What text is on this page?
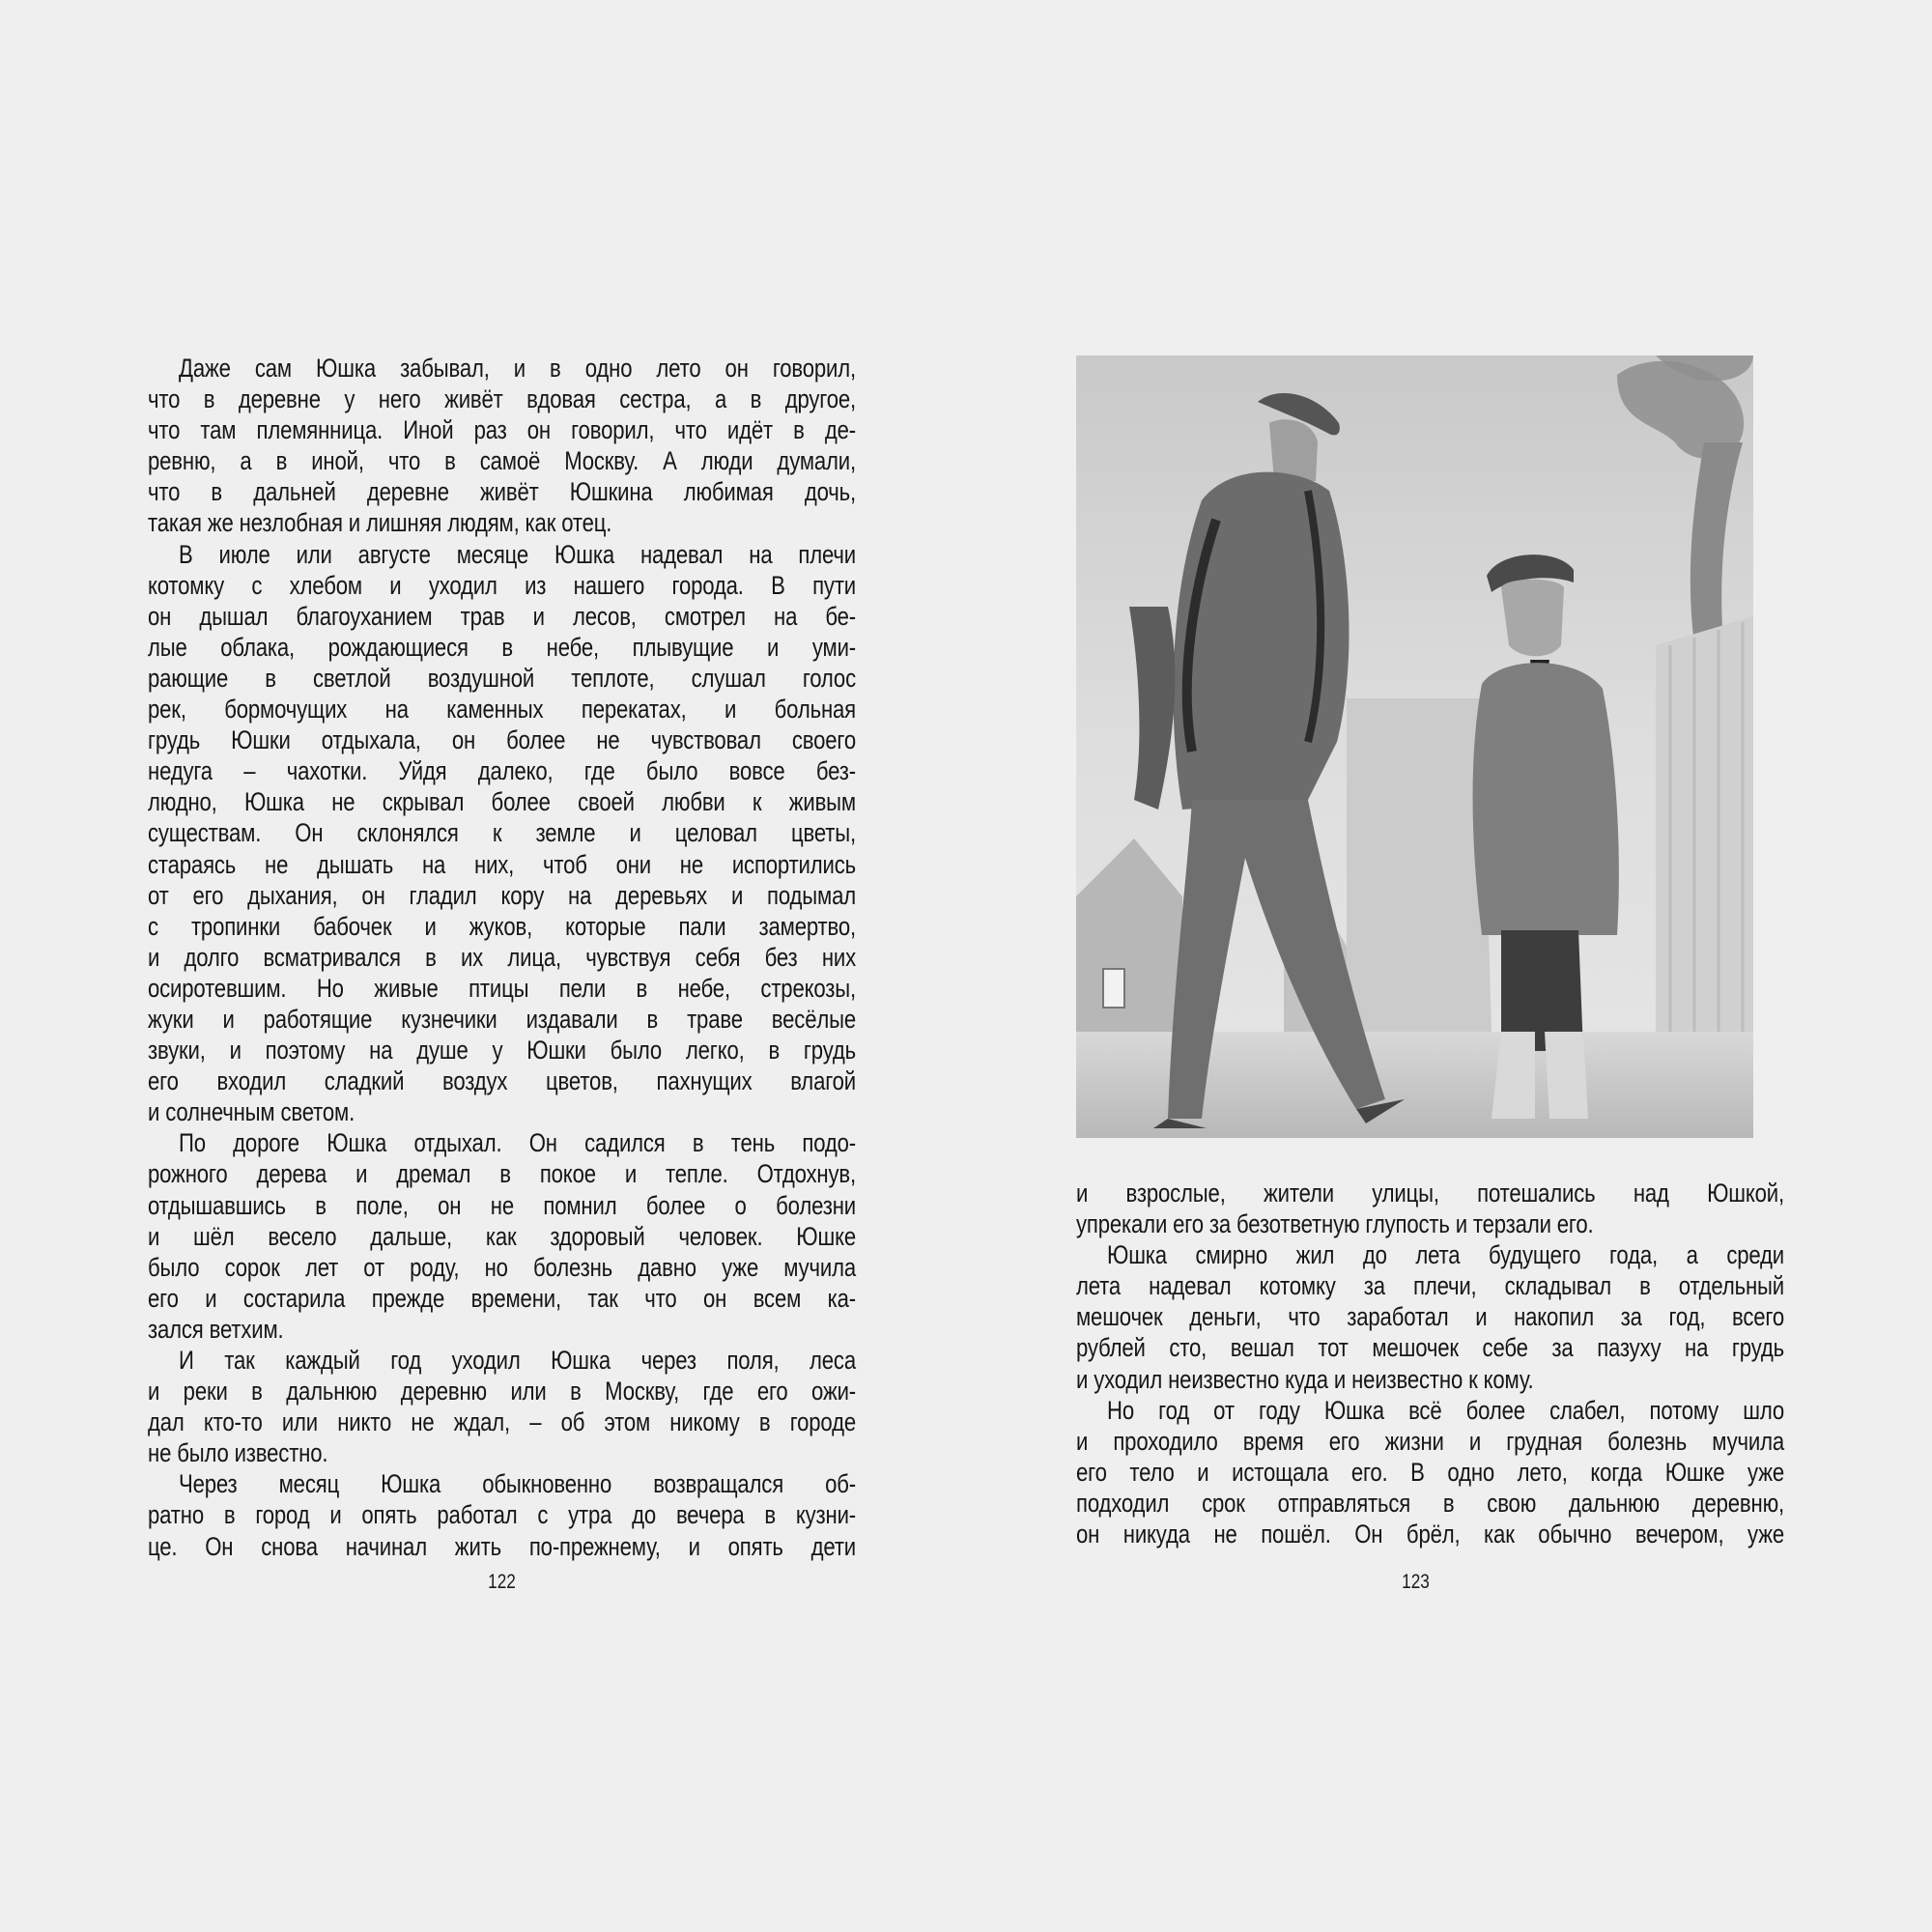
Даже сам Юшка забывал, и в одно лето он говорил,
что в деревне у него живёт вдовая сестра, а в другое,
что там племянница. Иной раз он говорил, что идёт в де-
ревню, а в иной, что в самоё Москву. А люди думали,
что в дальней деревне живёт Юшкина любимая дочь,
такая же незлобная и лишняя людям, как отец.
В июле или августе месяце Юшка надевал на плечи
котомку с хлебом и уходил из нашего города. В пути
он дышал благоуханием трав и лесов, смотрел на бе-
лые облака, рождающиеся в небе, плывущие и уми-
рающие в светлой воздушной теплоте, слушал голос
рек, бормочущих на каменных перекатах, и больная
грудь Юшки отдыхала, он более не чувствовал своего
недуга – чахотки. Уйдя далеко, где было вовсе без-
людно, Юшка не скрывал более своей любви к живым
существам. Он склонялся к земле и целовал цветы,
стараясь не дышать на них, чтоб они не испортились
от его дыхания, он гладил кору на деревьях и подымал
с тропинки бабочек и жуков, которые пали замертво,
и долго всматривался в их лица, чувствуя себя без них
осиротевшим. Но живые птицы пели в небе, стрекозы,
жуки и работящие кузнечики издавали в траве весёлые
звуки, и поэтому на душе у Юшки было легко, в грудь
его входил сладкий воздух цветов, пахнущих влагой
и солнечным светом.
По дороге Юшка отдыхал. Он садился в тень подо-
рожного дерева и дремал в покое и тепле. Отдохнув,
отдышавшись в поле, он не помнил более о болезни
и шёл весело дальше, как здоровый человек. Юшке
было сорок лет от роду, но болезнь давно уже мучила
его и состарила прежде времени, так что он всем ка-
зался ветхим.
И так каждый год уходил Юшка через поля, леса
и реки в дальнюю деревню или в Москву, где его ожи-
дал кто-то или никто не ждал, – об этом никому в городе
не было известно.
Через месяц Юшка обыкновенно возвращался об-
ратно в город и опять работал с утра до вечера в кузни-
це. Он снова начинал жить по-прежнему, и опять дети
122
и взрослые, жители улицы, потешались над Юшкой,
упрекали его за безответную глупость и терзали его.
Юшка смирно жил до лета будущего года, а среди
лета надевал котомку за плечи, складывал в отдельный
мешочек деньги, что заработал и накопил за год, всего
рублей сто, вешал тот мешочек себе за пазуху на грудь
и уходил неизвестно куда и неизвестно к кому.
Но год от году Юшка всё более слабел, потому шло
и проходило время его жизни и грудная болезнь мучила
его тело и истощала его. В одно лето, когда Юшке уже
подходил срок отправляться в свою дальнюю деревню,
он никуда не пошёл. Он брёл, как обычно вечером, уже
123
